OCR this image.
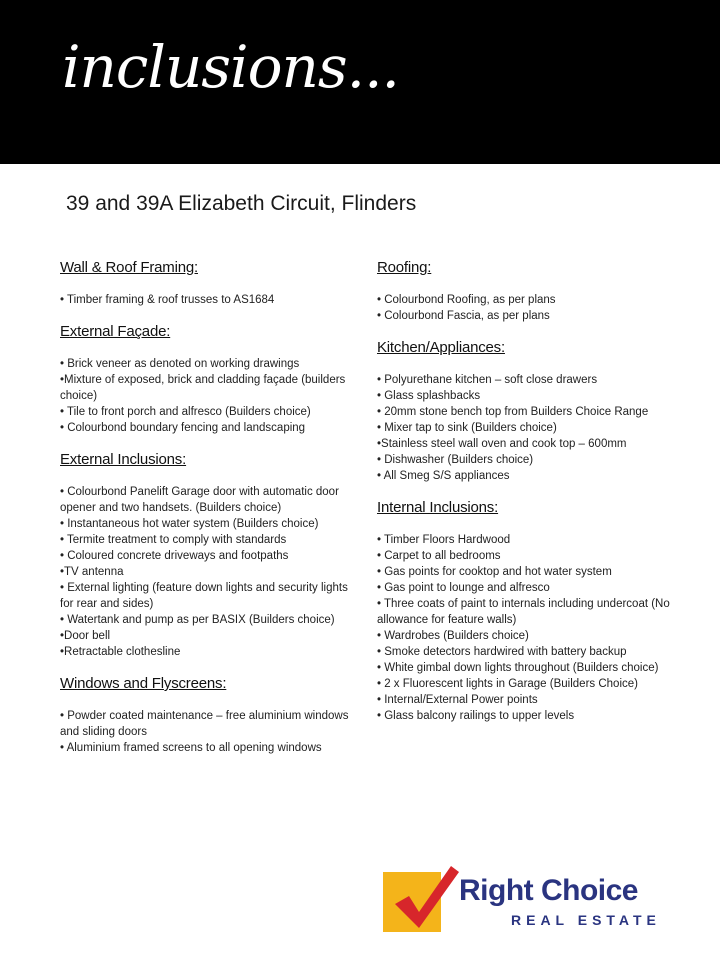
inclusions...
39 and 39A Elizabeth Circuit, Flinders
Wall & Roof Framing:
• Timber framing & roof trusses to AS1684
External Façade:
• Brick veneer as denoted on working drawings
•Mixture of exposed, brick and cladding façade (builders choice)
• Tile to front porch and alfresco (Builders choice)
• Colourbond boundary fencing and landscaping
External Inclusions:
• Colourbond Panelift Garage door with automatic door opener and two handsets. (Builders choice)
• Instantaneous hot water system (Builders choice)
• Termite treatment to comply with standards
• Coloured concrete driveways and footpaths
•TV antenna
• External lighting (feature down lights and security lights for rear and sides)
• Watertank and pump as per BASIX (Builders choice)
•Door bell
•Retractable clothesline
Windows and Flyscreens:
• Powder coated maintenance – free aluminium windows and sliding doors
• Aluminium framed screens to all opening windows
Roofing:
• Colourbond Roofing, as per plans
• Colourbond Fascia, as per plans
Kitchen/Appliances:
• Polyurethane kitchen – soft close drawers
• Glass splashbacks
• 20mm stone bench top from Builders Choice Range
• Mixer tap to sink (Builders choice)
•Stainless steel wall oven and cook top – 600mm
• Dishwasher (Builders choice)
• All Smeg S/S appliances
Internal Inclusions:
• Timber Floors Hardwood
• Carpet to all bedrooms
• Gas points for cooktop and hot water system
• Gas point to lounge and alfresco
• Three coats of paint to internals including undercoat (No allowance for feature walls)
• Wardrobes (Builders choice)
• Smoke detectors hardwired with battery backup
• White gimbal down lights throughout (Builders choice)
• 2 x Fluorescent lights in Garage (Builders Choice)
• Internal/External Power points
• Glass balcony railings to upper levels
Right Choice
REAL ESTATE
